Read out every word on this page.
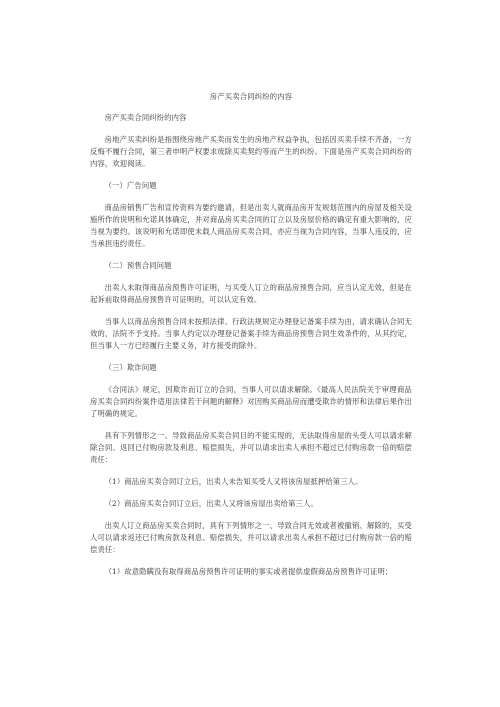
房产买卖合同纠纷的内容

房产买卖合同纠纷的内容

房地产买卖纠纷是指围绕房地产买卖而发生的房地产权益争执，包括因买卖手续不齐备，一方反悔不履行合同，第三者申明产权要求废除买卖契约等而产生的纠纷。下面是房产买卖合同纠纷的内容，欢迎阅读。

（一）广告问题

商品房销售广告和宣传资料为要约邀请，但是出卖人就商品房开发规划范围内的房屋及相关设施所作的说明和允诺具体确定，并对商品房买卖合同的订立以及房屋价格的确定有重大影响的，应当视为要约。该说明和允诺即使未载人商品房买卖合同，亦应当视为合同内容，当事人违反的，应当承担违约责任。

（二）预售合同问题

出卖人未取得商品房预售许可证明，与买受人订立的商品房预售合同，应当认定无效，但是在起诉前取得商品房预售许可证明的，可以认定有效。

当事人以商品房预售合同未按照法律、行政法规规定办理登记备案手续为由，请求确认合同无效的，法院不予支持。当事人约定以办理登记备案手续为商品房预售合同生效条件的，从其约定，但当事人一方已经履行主要义务，对方接受的除外。

（三）欺诈问题

《合同法》规定，因欺诈而订立的合同，当事人可以请求解除。《最高人民法院关于审理商品房买卖合同纠纷案件适用法律若干问题的解释》对因购买商品房而遭受欺诈的情形和法律后果作出了明确的规定。

具有下列情形之一、导致商品房买卖合同目的不能实现的，无法取得房屋的头受人可以请求解除合同、返回已付购房款及利息、赔偿损失，并可以请求出卖人承担不超过已付购房款一倍的赔偿责任：

（1）商品房买卖合同订立后，出卖人未告知买受人又将该房屋抵押给第三人。

（2）商品房买卖合同订立后，出卖人又将该房屋出卖给第三人。

出卖人订立商品房买卖合同时，具有下列情形之一、导致合同无效或者被撤销、解除的，买受人可以请求返还已付购房款及利息、赔偿损失，并可以请求出卖人承担不超过已付购房款一倍的赔偿责任：

（1）故意隐瞒没有取得商品房预售许可证明的事实或者提供虚假商品房预售许可证明；
